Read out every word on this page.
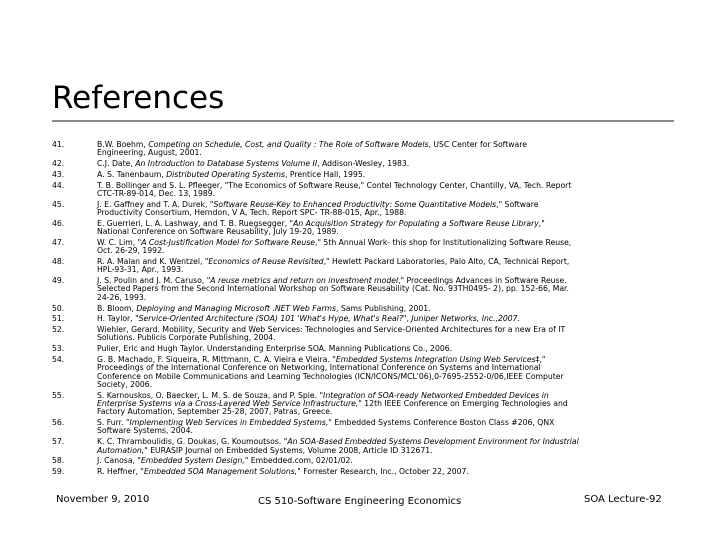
References
41.	B.W. Boehm, Competing on Schedule, Cost, and Quality : The Role of Software Models, USC Center for Software
Engineering, August, 2001.
42.	C.J. Date, An Introduction to Database Systems Volume II, Addison-Wesley, 1983.
43.	A. S. Tanenbaum, Distributed Operating Systems, Prentice Hall, 1995.
44.	T. B. Bollinger and S. L. Pfleeger, "The Economics of Software Reuse," Contel Technology Center, Chantilly, VA, Tech. Report
CTC-TR-89-014, Dec. 13, 1989.
45.	J. E. Gaffney and T. A. Durek, "Software Reuse-Key to Enhanced Productivity: Some Quantitative Models," Software
Productivity Consortium, Herndon, V A, Tech. Report SPC- TR-88-015, Apr., 1988.
46.	E. Guerrieri, L. A. Lashway, and T. B. Ruegsegger, "An Acquisition Strategy for Populating a Software Reuse Library,"
National Conference on Software Reusability, July 19-20, 1989.
47.	W. C. Lim, "A Cost-Justification Model for Software Reuse," 5th Annual Work- this shop for Institutionalizing Software Reuse,
Oct. 26-29, 1992.
48.	R. A. Malan and K. Wentzel, "Economics of Reuse Revisited," Hewlett Packard Laboratories, Palo Alto, CA, Technical Report,
HPL-93-31, Apr., 1993.
49.	J. S. Poulin and J. M. Caruso, "A reuse metrics and return on investment model," Proceedings Advances in Software Reuse.
Selected Papers from the Second International Workshop on Software Reusability (Cat. No. 93TH0495- 2), pp. 152-66, Mar.
24-26, 1993.
50.	B. Bloom, Deploying and Managing Microsoft .NET Web Farms, Sams Publishing, 2001.
51.	H. Taylor, "Service-Oriented Architecture (SOA) 101 'What's Hype, What's Real?", Juniper Networks, Inc.,2007.
52.	Wiehler, Gerard. Mobility, Security and Web Services: Technologies and Service-Oriented Architectures for a new Era of IT
Solutions. Publicis Corporate Publishing, 2004.
53.	Pulier, Eric and Hugh Taylor. Understanding Enterprise SOA. Manning Publications Co., 2006.
54.	G. B. Machado, F. Siqueira, R. Mittmann, C. A. Vieira e Vieira. "Embedded Systems Integration Using Web Services‡,"
Proceedings of the International Conference on Networking, International Conference on Systems and International
Conference on Mobile Communications and Learning Technologies (ICN/ICONS/MCL'06),0-7695-2552-0/06,IEEE Computer
Society, 2006.
55.	S. Karnouskos, O. Baecker, L. M. S. de Souza, and P. Spie. "Integration of SOA-ready Networked Embedded Devices in
Enterprise Systems via a Cross-Layered Web Service Infrastructure," 12th IEEE Conference on Emerging Technologies and
Factory Automation, September 25-28, 2007, Patras, Greece.
56.	S. Furr. "Implementing Web Services in Embedded Systems," Embedded Systems Conference Boston Class #206, QNX
Software Systems, 2004.
57.	K. C. Thramboulidis, G. Doukas, G. Koumoutsos. "An SOA-Based Embedded Systems Development Environment for Industrial
Automation," EURASIP Journal on Embedded Systems, Volume 2008, Article ID 312671.
58.	J. Canosa, "Embedded System Design," Embedded.com, 02/01/02.
59.	R. Heffner, "Embedded SOA Management Solutions," Forrester Research, Inc., October 22, 2007.
November 9, 2010	CS 510-Software Engineering Economics	SOA Lecture-92
